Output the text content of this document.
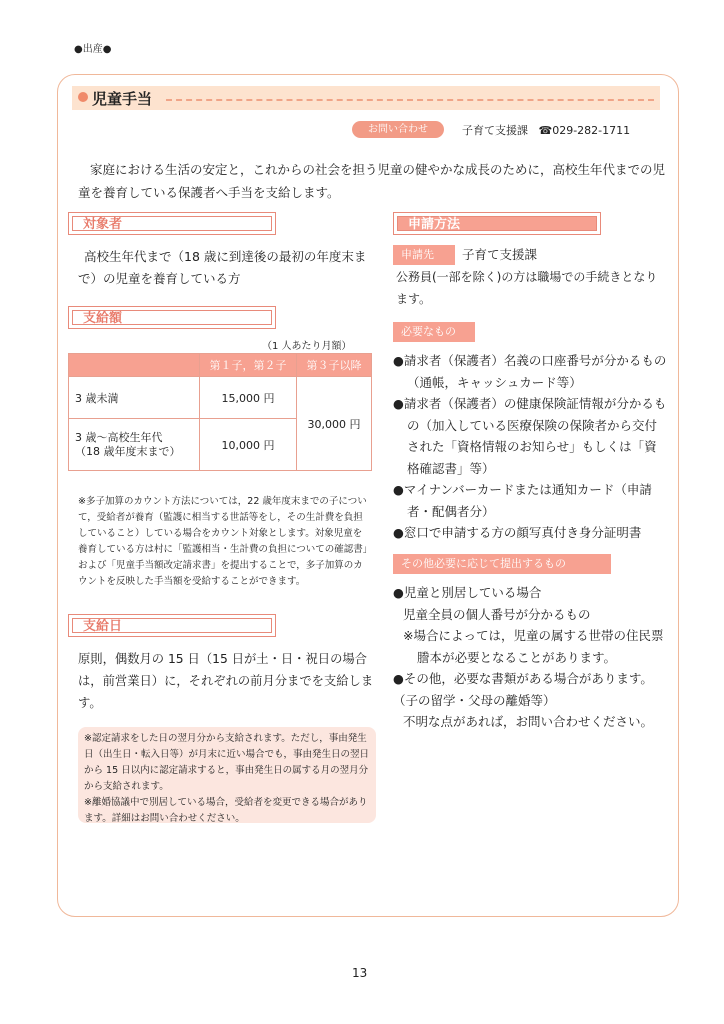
●出産●
児童手当
お問い合わせ	子育て支援課 ☎029-282-1711
家庭における生活の安定と，これからの社会を担う児童の健やかな成長のために，高校生年代までの児童を養育している保護者へ手当を支給します。
対象者
高校生年代まで（18 歳に到達後の最初の年度末まで）の児童を養育している方
支給額
（1 人あたり月額）
	第１子，第２子	第３子以降
3 歳未満	15,000 円	30,000 円
3 歳～高校生年代
（18 歳年度末まで）	10,000 円	
※多子加算のカウント方法については，22 歳年度末までの子について，受給者が養育（監護に相当する世話等をし，その生計費を負担していること）している場合をカウント対象とします。対象児童を養育している方は村に「監護相当・生計費の負担についての確認書」および「児童手当額改定請求書」を提出することで，多子加算のカウントを反映した手当額を受給することができます。
支給日
原則，偶数月の 15 日（15 日が土・日・祝日の場合は，前営業日）に，それぞれの前月分までを支給します。
※認定請求をした日の翌月分から支給されます。ただし，事由発生日（出生日・転入日等）が月末に近い場合でも，事由発生日の翌日から 15 日以内に認定請求すると，事由発生日の属する月の翌月分から支給されます。
※離婚協議中で別居している場合，受給者を変更できる場合があります。詳細はお問い合わせください。
申請方法
申請先	子育て支援課
公務員(一部を除く)の方は職場での手続きとなります。
必要なもの
●請求者（保護者）名義の口座番号が分かるもの（通帳，キャッシュカード等）
●請求者（保護者）の健康保険証情報が分かるもの（加入している医療保険の保険者から交付された「資格情報のお知らせ」もしくは「資格確認書」等）
●マイナンバーカードまたは通知カード（申請者・配偶者分）
●窓口で申請する方の顔写真付き身分証明書
その他必要に応じて提出するもの
●児童と別居している場合
児童全員の個人番号が分かるもの
※場合によっては，児童の属する世帯の住民票謄本が必要となることがあります。
●その他，必要な書類がある場合があります。
（子の留学・父母の離婚等）
不明な点があれば，お問い合わせください。
13
